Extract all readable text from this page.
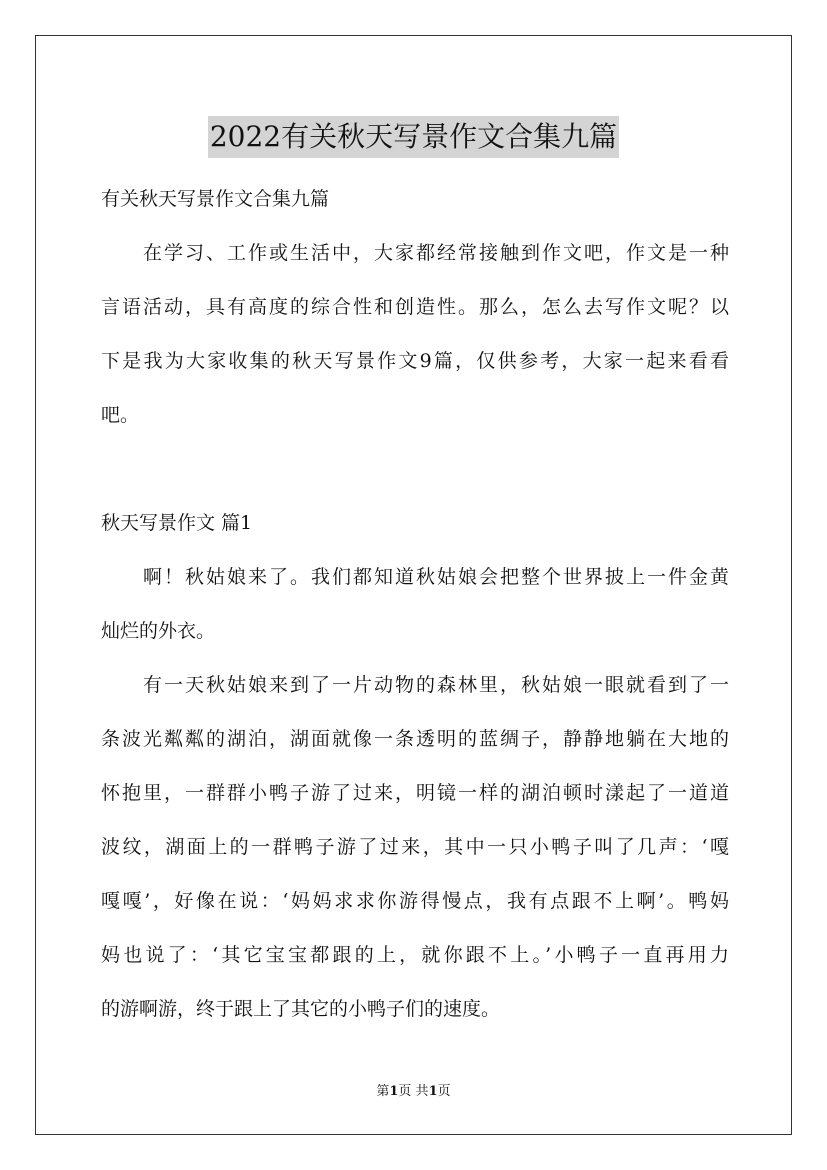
2022有关秋天写景作文合集九篇
有关秋天写景作文合集九篇
在学习、工作或生活中，大家都经常接触到作文吧，作文是一种
言语活动，具有高度的综合性和创造性。那么，怎么去写作文呢？以
下是我为大家收集的秋天写景作文9篇，仅供参考，大家一起来看看
吧。
秋天写景作文 篇1
啊！秋姑娘来了。我们都知道秋姑娘会把整个世界披上一件金黄
灿烂的外衣。
有一天秋姑娘来到了一片动物的森林里，秋姑娘一眼就看到了一
条波光粼粼的湖泊，湖面就像一条透明的蓝绸子，静静地躺在大地的
怀抱里，一群群小鸭子游了过来，明镜一样的湖泊顿时漾起了一道道
波纹，湖面上的一群鸭子游了过来，其中一只小鸭子叫了几声：‘嘎
嘎嘎’，好像在说：‘妈妈求求你游得慢点，我有点跟不上啊’。鸭妈
妈也说了：‘其它宝宝都跟的上，就你跟不上。’小鸭子一直再用力
的游啊游，终于跟上了其它的小鸭子们的速度。
第1页 共1页
